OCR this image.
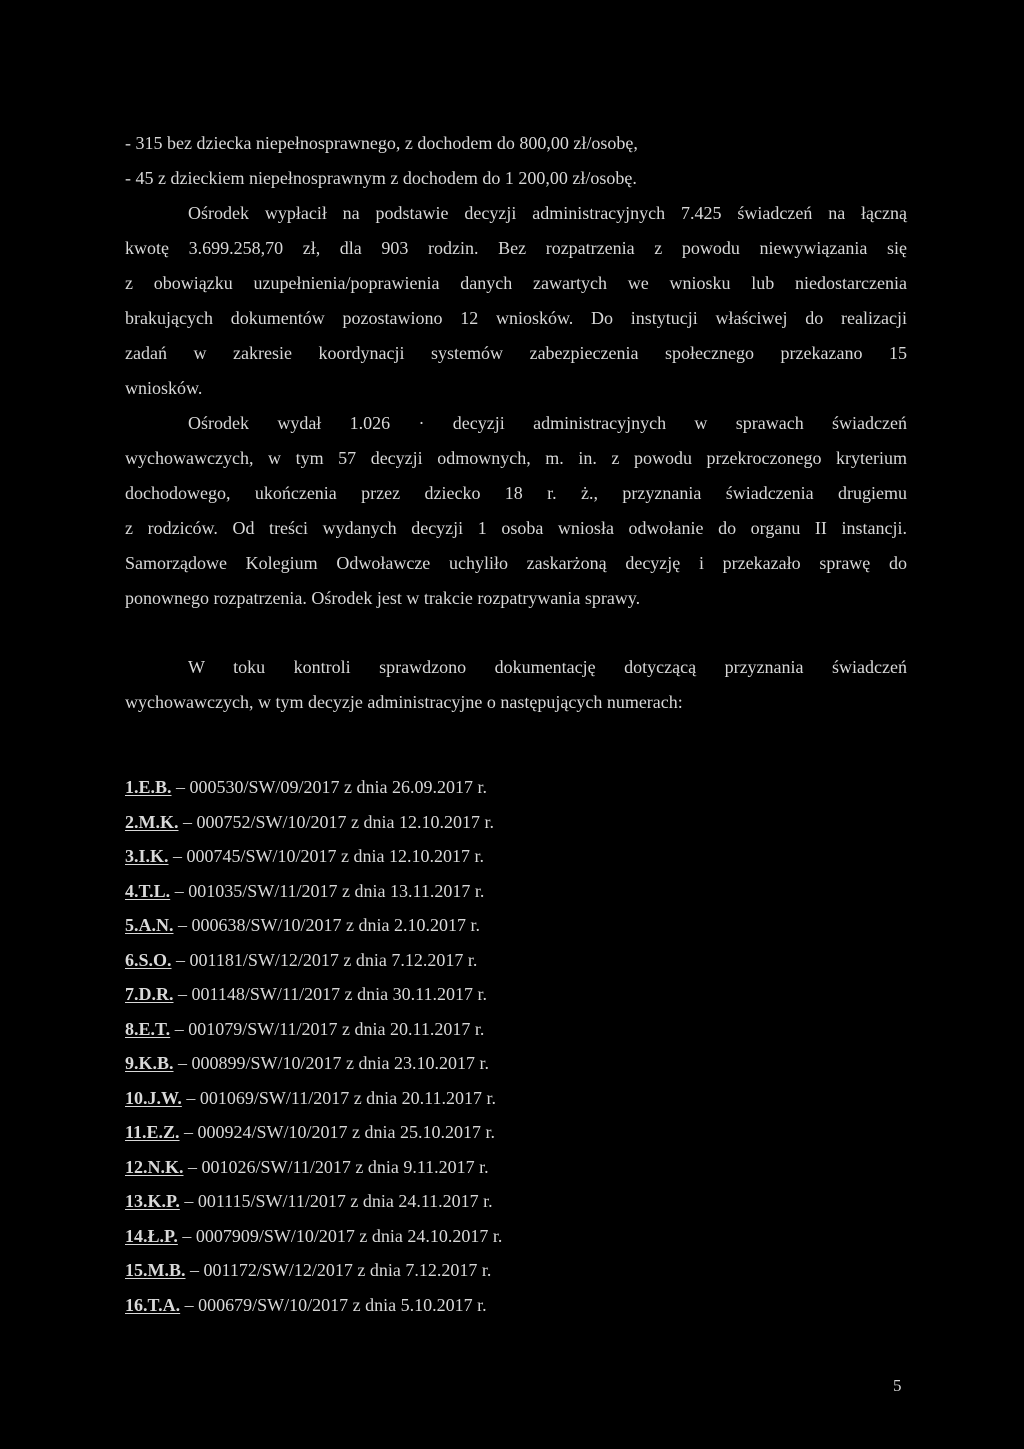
- 315 bez dziecka niepełnosprawnego, z dochodem do 800,00 zł/osobę,
- 45 z dzieckiem niepełnosprawnym z dochodem do 1 200,00 zł/osobę.
Ośrodek wypłacił na podstawie decyzji administracyjnych 7.425 świadczeń na łączną
kwotę 3.699.258,70 zł, dla 903 rodzin. Bez rozpatrzenia z powodu niewywiązania się
z obowiązku uzupełnienia/poprawienia danych zawartych we wniosku lub niedostarczenia
brakujących dokumentów pozostawiono 12 wniosków. Do instytucji właściwej do realizacji
zadań w zakresie koordynacji systemów zabezpieczenia społecznego przekazano 15
wniosków.
Ośrodek wydał 1.026 · decyzji administracyjnych w sprawach świadczeń
wychowawczych, w tym 57 decyzji odmownych, m. in. z powodu przekroczonego kryterium
dochodowego, ukończenia przez dziecko 18 r. ż., przyznania świadczenia drugiemu
z rodziców. Od treści wydanych decyzji 1 osoba wniosła odwołanie do organu II instancji.
Samorządowe Kolegium Odwoławcze uchyliło zaskarżoną decyzję i przekazało sprawę do
ponownego rozpatrzenia. Ośrodek jest w trakcie rozpatrywania sprawy.
W toku kontroli sprawdzono dokumentację dotyczącą przyznania świadczeń
wychowawczych, w tym decyzje administracyjne o następujących numerach:
1.E.B. – 000530/SW/09/2017 z dnia 26.09.2017 r.
2.M.K. – 000752/SW/10/2017 z dnia 12.10.2017 r.
3.I.K. – 000745/SW/10/2017 z dnia 12.10.2017 r.
4.T.L. – 001035/SW/11/2017 z dnia 13.11.2017 r.
5.A.N. – 000638/SW/10/2017 z dnia 2.10.2017 r.
6.S.O. – 001181/SW/12/2017 z dnia 7.12.2017 r.
7.D.R. – 001148/SW/11/2017 z dnia 30.11.2017 r.
8.E.T. – 001079/SW/11/2017 z dnia 20.11.2017 r.
9.K.B. – 000899/SW/10/2017 z dnia 23.10.2017 r.
10.J.W. – 001069/SW/11/2017 z dnia 20.11.2017 r.
11.E.Z. – 000924/SW/10/2017 z dnia 25.10.2017 r.
12.N.K. – 001026/SW/11/2017 z dnia 9.11.2017 r.
13.K.P. – 001115/SW/11/2017 z dnia 24.11.2017 r.
14.Ł.P. – 0007909/SW/10/2017 z dnia 24.10.2017 r.
15.M.B. – 001172/SW/12/2017 z dnia 7.12.2017 r.
16.T.A. – 000679/SW/10/2017 z dnia 5.10.2017 r.
5
